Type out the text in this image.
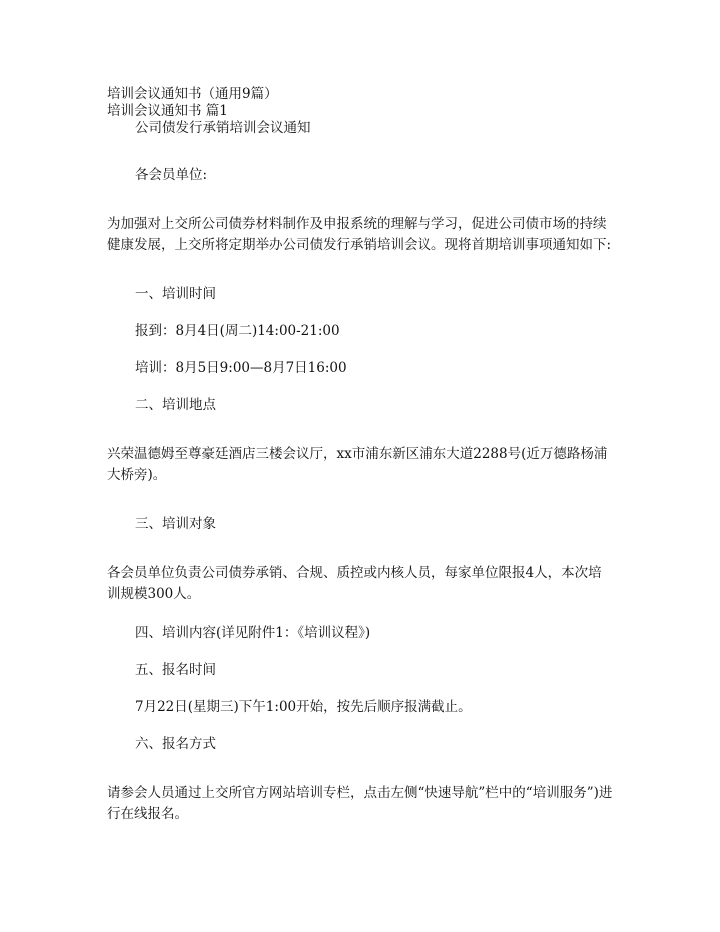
培训会议通知书（通用9篇）

培训会议通知书 篇1

公司债发行承销培训会议通知

各会员单位:

为加强对上交所公司债券材料制作及申报系统的理解与学习，促进公司债市场的持续健康发展，上交所将定期举办公司债发行承销培训会议。现将首期培训事项通知如下:

一、培训时间

报到：8月4日(周二)14:00-21:00

培训：8月5日9:00—8月7日16:00

二、培训地点

兴荣温德姆至尊豪廷酒店三楼会议厅，xx市浦东新区浦东大道2288号(近万德路杨浦大桥旁)。

三、培训对象

各会员单位负责公司债券承销、合规、质控或内核人员，每家单位限报4人，本次培训规模300人。

四、培训内容(详见附件1：《培训议程》)

五、报名时间

7月22日(星期三)下午1:00开始，按先后顺序报满截止。

六、报名方式

请参会人员通过上交所官方网站培训专栏，点击左侧“快速导航”栏中的“培训服务”)进行在线报名。
